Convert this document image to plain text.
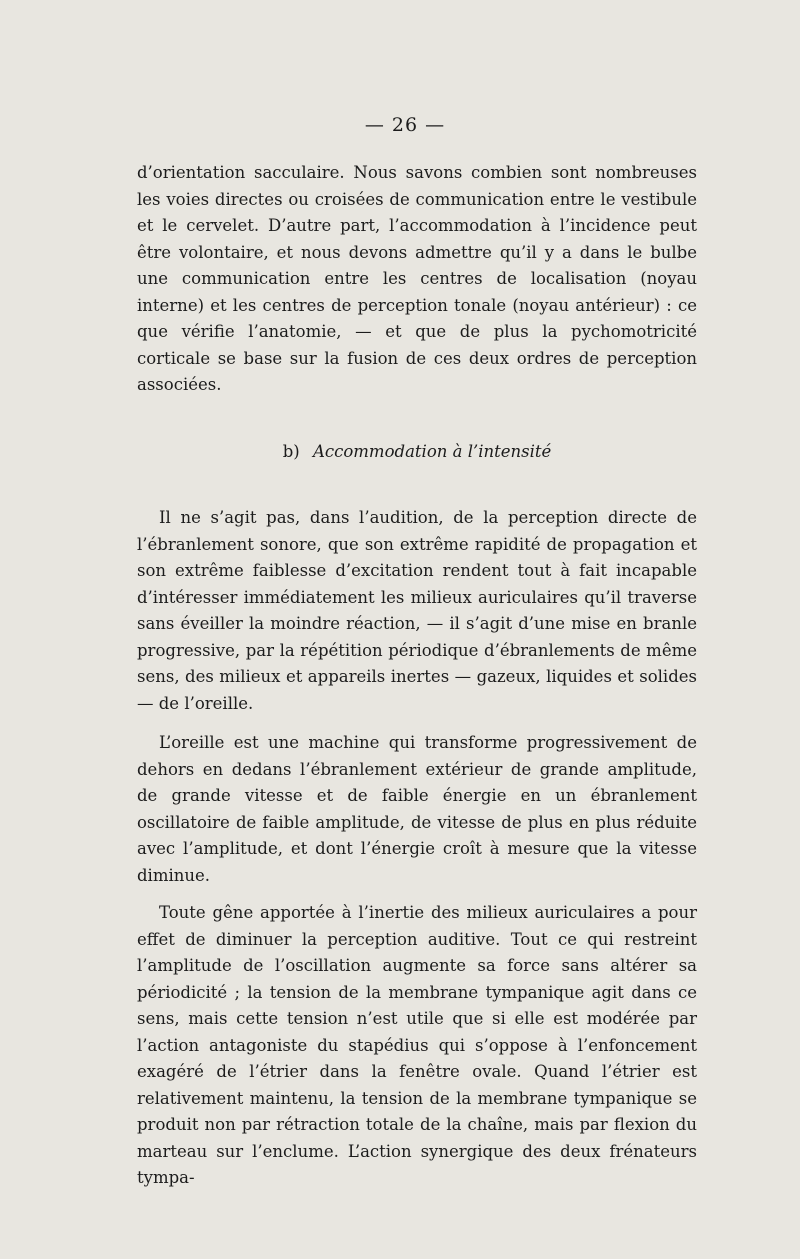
— 26 —

d’orientation sacculaire. Nous savons combien sont nombreuses les voies directes ou croisées de communication entre le vestibule et le cervelet. D’autre part, l’accommodation à l’incidence peut être volontaire, et nous devons admettre qu’il y a dans le bulbe une communication entre les centres de localisation (noyau interne) et les centres de perception tonale (noyau antérieur) : ce que vérifie l’anatomie, — et que de plus la pychomotricité corticale se base sur la fusion de ces deux ordres de perception associées.

b) Accommodation à l’intensité

Il ne s’agit pas, dans l’audition, de la perception directe de l’ébranlement sonore, que son extrême rapidité de propagation et son extrême faiblesse d’excitation rendent tout à fait incapable d’intéresser immédiatement les milieux auriculaires qu’il traverse sans éveiller la moindre réaction, — il s’agit d’une mise en branle progressive, par la répétition périodique d’ébranlements de même sens, des milieux et appareils inertes — gazeux, liquides et solides — de l’oreille.

L’oreille est une machine qui transforme progressivement de dehors en dedans l’ébranlement extérieur de grande amplitude, de grande vitesse et de faible énergie en un ébranlement oscillatoire de faible amplitude, de vitesse de plus en plus réduite avec l’amplitude, et dont l’énergie croît à mesure que la vitesse diminue.

Toute gêne apportée à l’inertie des milieux auriculaires a pour effet de diminuer la perception auditive. Tout ce qui restreint l’amplitude de l’oscillation augmente sa force sans altérer sa périodicité ; la tension de la membrane tympanique agit dans ce sens, mais cette tension n’est utile que si elle est modérée par l’action antagoniste du stapédius qui s’oppose à l’enfoncement exagéré de l’étrier dans la fenêtre ovale. Quand l’étrier est relativement maintenu, la tension de la membrane tympanique se produit non par rétraction totale de la chaîne, mais par flexion du marteau sur l’enclume. L’action synergique des deux frénateurs tympa-
